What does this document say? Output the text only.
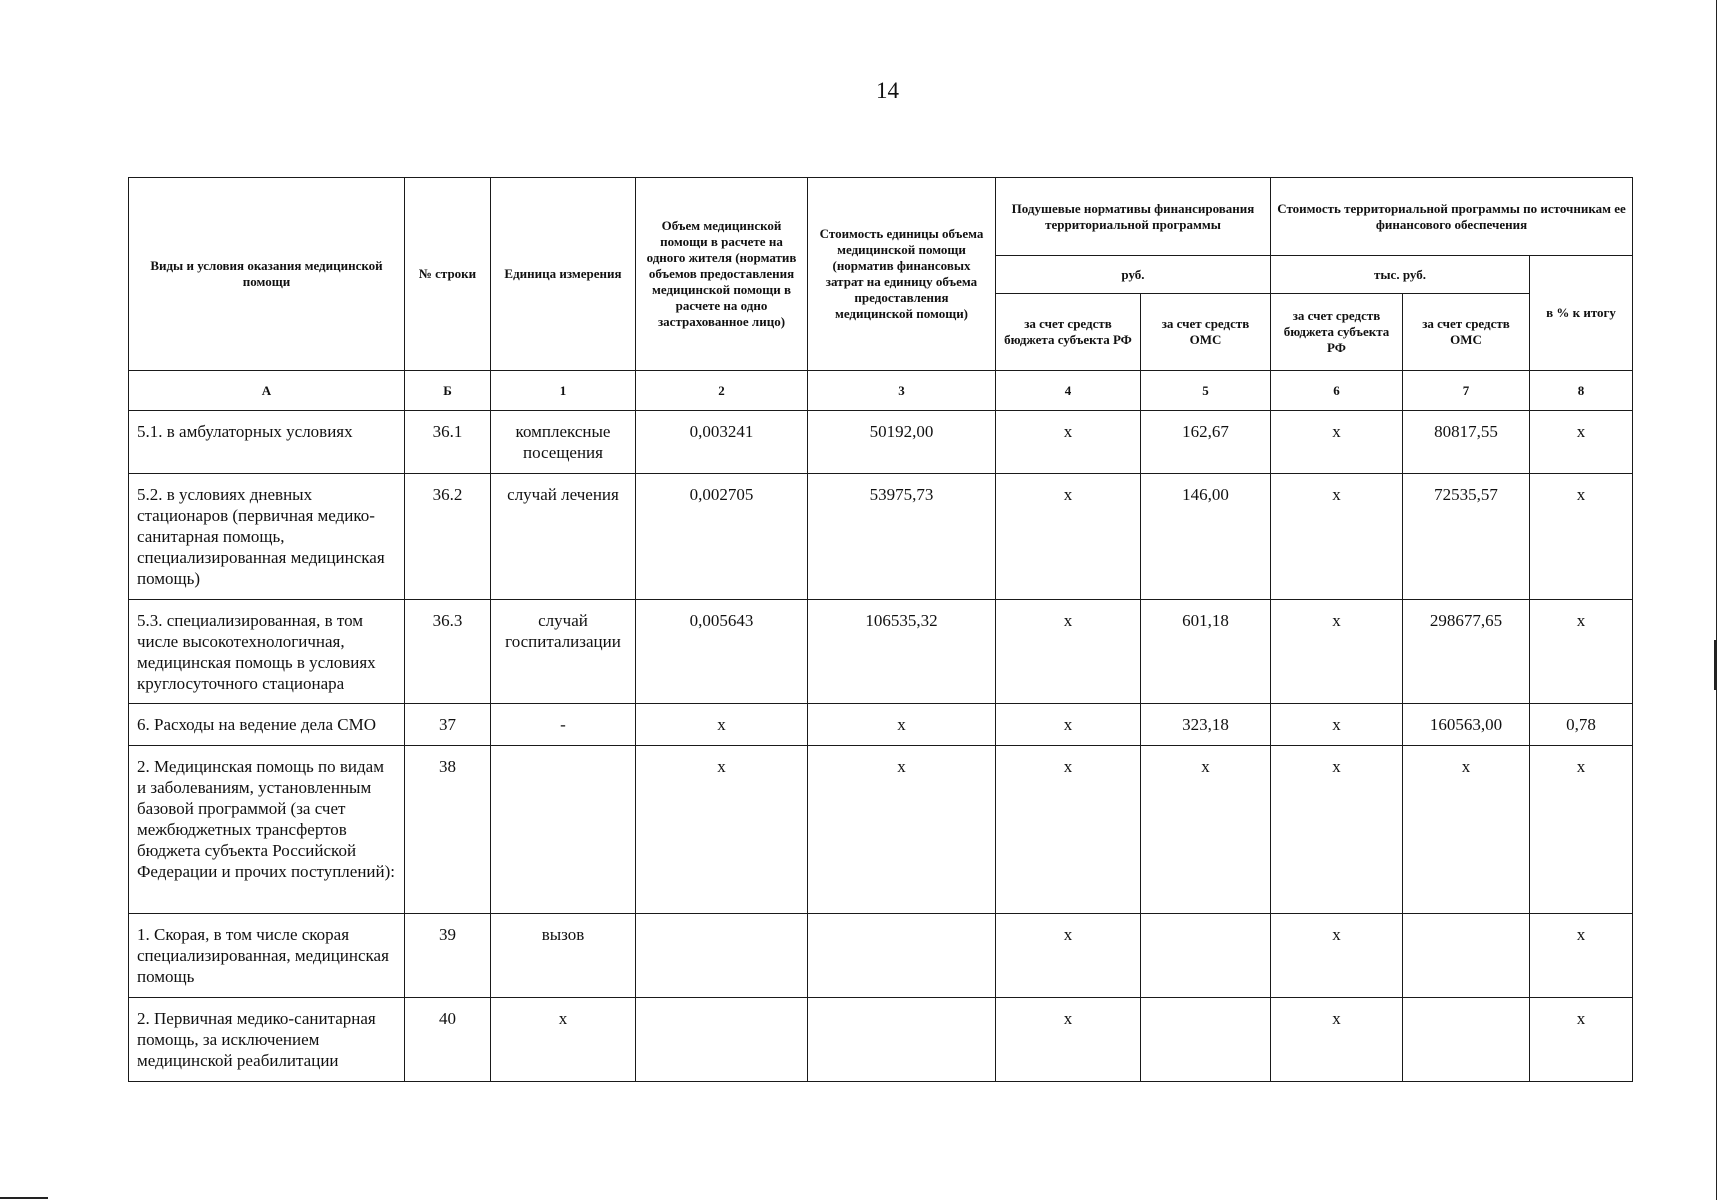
14
Виды и условия оказания медицинской помощи	№ строки	Единица измерения	Объем медицинской помощи в расчете на одного жителя (норматив объемов предоставления медицинской помощи в расчете на одно застрахованное лицо)	Стоимость единицы объема медицинской помощи (норматив финансовых затрат на единицу объема предоставления медицинской помощи)	Подушевые нормативы финансирования территориальной программы		Стоимость территориальной программы по источникам ее финансового обеспечения		
					руб.		тыс. руб.		в % к итогу
					за счет средств бюджета субъекта РФ	за счет средств ОМС	за счет средств бюджета субъекта РФ	за счет средств ОМС	
А	Б	1	2	3	4	5	6	7	8
5.1. в амбулаторных условиях	36.1	комплексные посещения	0,003241	50192,00	х	162,67	х	80817,55	х
5.2. в условиях дневных стационаров (первичная медико-санитарная помощь, специализированная медицинская помощь)	36.2	случай лечения	0,002705	53975,73	х	146,00	х	72535,57	х
5.3. специализированная, в том числе высокотехнологичная, медицинская помощь в условиях круглосуточного стационара	36.3	случай госпитализации	0,005643	106535,32	х	601,18	х	298677,65	х
6. Расходы на ведение дела СМО	37	-	х	х	х	323,18	х	160563,00	0,78
2. Медицинская помощь по видам и заболеваниям, установленным базовой программой (за счет межбюджетных трансфертов бюджета субъекта Российской Федерации и прочих поступлений):	38		х	х	х	х	х	х	х
1. Скорая, в том числе скорая специализированная, медицинская помощь	39	вызов			х		х		х
2. Первичная медико-санитарная помощь, за исключением медицинской реабилитации	40	х			х		х		х
